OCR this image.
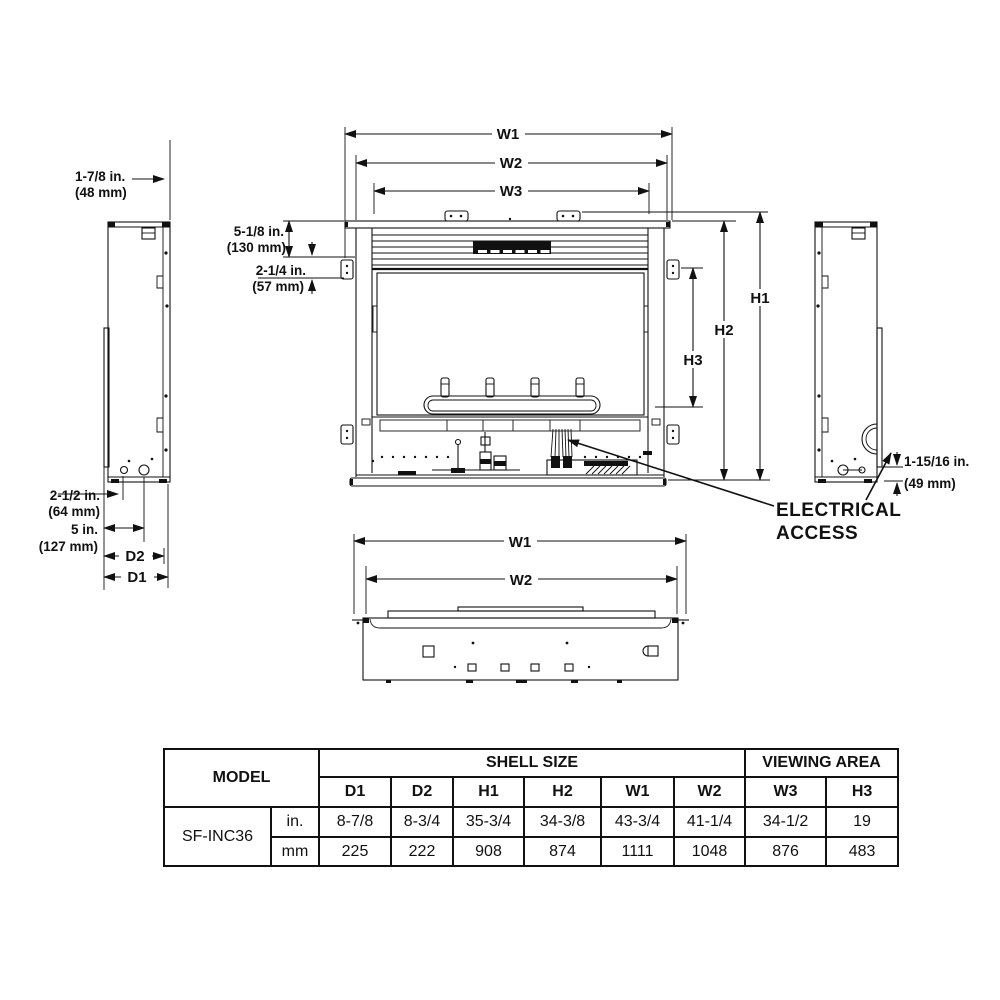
1-7/8 in.
(48 mm)
5-1/8 in.
(130 mm)
2-1/4 in.
(57 mm)
2-1/2 in.
(64 mm)
5 in.
(127 mm)
1-15/16 in.
(49 mm)
W1
W2
W3
H1
H2
H3
D2
D1
W1
W2
ELECTRICAL
ACCESS
MODEL		SHELL SIZE						VIEWING AREA	
		D1	D2	H1	H2	W1	W2	W3	H3
SF-INC36	in.	8-7/8	8-3/4	35-3/4	34-3/8	43-3/4	41-1/4	34-1/2	19
	mm	225	222	908	874	1111	1048	876	483
